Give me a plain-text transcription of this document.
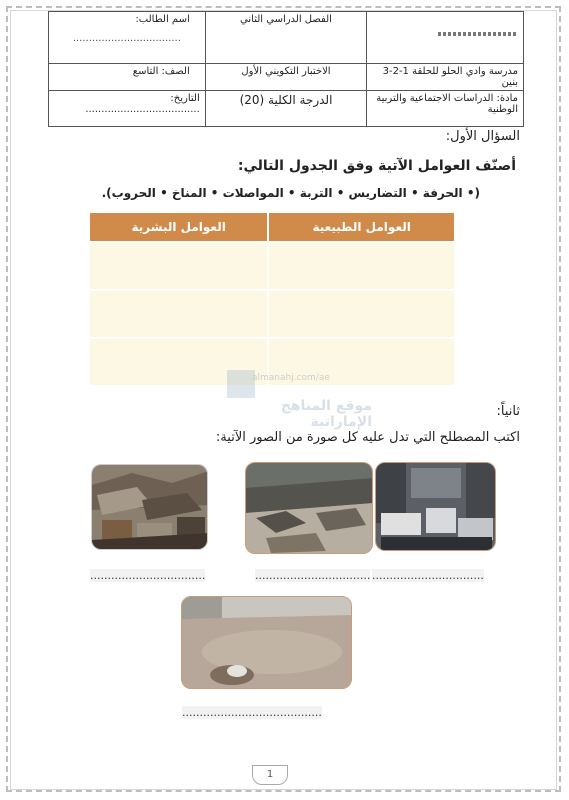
	الفصل الدراسي الثاني	اسم الطالب:
..................................

مدرسة وادي الحلو للحلقة 1-2-3 بنين	الاختبار التكويني الأول	الصف: التاسع
مادة: الدراسات الاجتماعية والتربية الوطنية	الدرجة الكلية (20)	التاريخ: ....................................
السؤال الأول:
أصنّف العوامل الآتية وفق الجدول التالي:
(• الحرفة • التضاريس • التربة • المواصلات • المناخ • الحروب).
العوامل الطبيعية	العوامل البشرية

almanahj.com/ae
موقع المناهج الإماراتية
ثانياً:
اكتب المصطلح التي تدل عليه كل صورة من الصور الآتية:
.................................	................................. ................................
........................................
1
